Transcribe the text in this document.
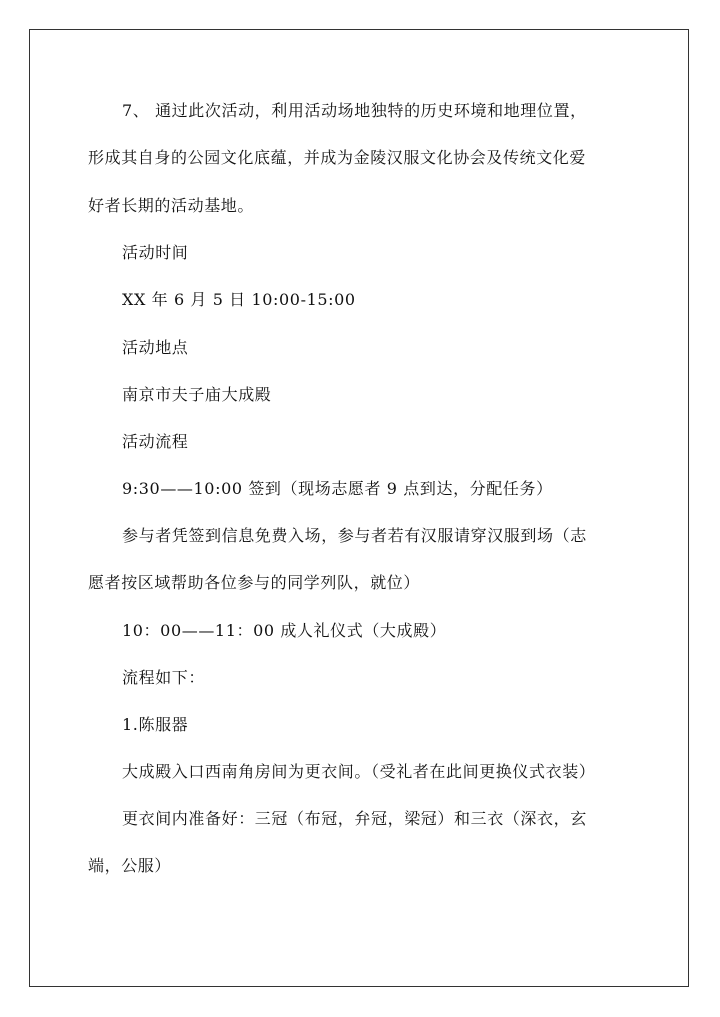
7、 通过此次活动，利用活动场地独特的历史环境和地理位置，
形成其自身的公园文化底蕴，并成为金陵汉服文化协会及传统文化爱
好者长期的活动基地。
活动时间
XX 年 6 月 5 日 10:00-15:00
活动地点
南京市夫子庙大成殿
活动流程
9:30——10:00 签到（现场志愿者 9 点到达，分配任务）
参与者凭签到信息免费入场，参与者若有汉服请穿汉服到场（志
愿者按区域帮助各位参与的同学列队，就位）
10：00——11：00 成人礼仪式（大成殿）
流程如下：
1.陈服器
大成殿入口西南角房间为更衣间。（受礼者在此间更换仪式衣装）
更衣间内准备好：三冠（布冠，弁冠，梁冠）和三衣（深衣，玄
端，公服）
